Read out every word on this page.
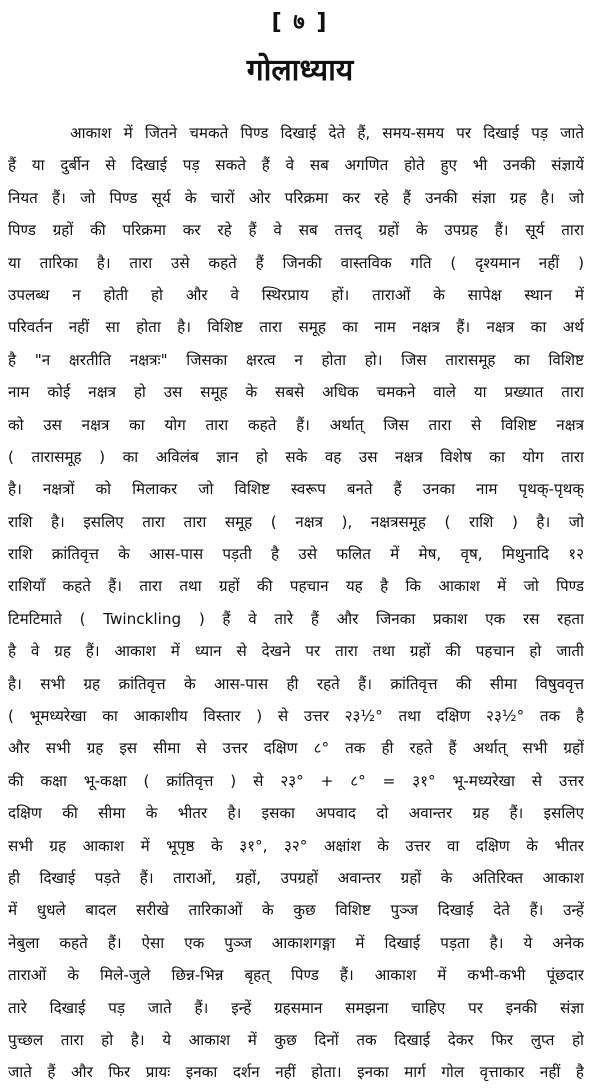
[ ७ ]
गोलाध्याय
आकाश में जितने चमकते पिण्ड दिखाई देते हैं, समय-समय पर दिखाई पड़ जाते
हैं या दुर्बीन से दिखाई पड़ सकते हैं वे सब अगणित होते हुए भी उनकी संज्ञायें
नियत हैं। जो पिण्ड सूर्य के चारों ओर परिक्रमा कर रहे हैं उनकी संज्ञा ग्रह है। जो
पिण्ड ग्रहों की परिक्रमा कर रहे हैं वे सब तत्तद् ग्रहों के उपग्रह हैं। सूर्य तारा
या तारिका है। तारा उसे कहते हैं जिनकी वास्तविक गति ( दृश्यमान नहीं )
उपलब्ध न होती हो और वे स्थिरप्राय हों। ताराओं के सापेक्ष स्थान में
परिवर्तन नहीं सा होता है। विशिष्ट तारा समूह का नाम नक्षत्र हैं। नक्षत्र का अर्थ
है "न क्षरतीति नक्षत्रः" जिसका क्षरत्व न होता हो। जिस तारासमूह का विशिष्ट
नाम कोई नक्षत्र हो उस समूह के सबसे अधिक चमकने वाले या प्रख्यात तारा
को उस नक्षत्र का योग तारा कहते हैं। अर्थात् जिस तारा से विशिष्ट नक्षत्र
( तारासमूह ) का अविलंब ज्ञान हो सके वह उस नक्षत्र विशेष का योग तारा
है। नक्षत्रों को मिलाकर जो विशिष्ट स्वरूप बनते हैं उनका नाम पृथक्-पृथक्
राशि है। इसलिए तारा तारा समूह ( नक्षत्र ), नक्षत्रसमूह ( राशि ) है। जो
राशि क्रांतिवृत्त के आस-पास पड़ती है उसे फलित में मेष, वृष, मिथुनादि १२
राशियाँ कहते हैं। तारा तथा ग्रहों की पहचान यह है कि आकाश में जो पिण्ड
टिमटिमाते ( Twinckling ) हैं वे तारे हैं और जिनका प्रकाश एक रस रहता
है वे ग्रह हैं। आकाश में ध्यान से देखने पर तारा तथा ग्रहों की पहचान हो जाती
है। सभी ग्रह क्रांतिवृत्त के आस-पास ही रहते हैं। क्रांतिवृत्त की सीमा विषुववृत्त
( भूमध्यरेखा का आकाशीय विस्तार ) से उत्तर २३½° तथा दक्षिण २३½° तक है
और सभी ग्रह इस सीमा से उत्तर दक्षिण ८° तक ही रहते हैं अर्थात् सभी ग्रहों
की कक्षा भू-कक्षा ( क्रांतिवृत्त ) से २३° + ८° = ३१° भू-मध्यरेखा से उत्तर
दक्षिण की सीमा के भीतर है। इसका अपवाद दो अवान्तर ग्रह हैं। इसलिए
सभी ग्रह आकाश में भूपृष्ठ के ३१°, ३२° अक्षांश के उत्तर वा दक्षिण के भीतर
ही दिखाई पड़ते हैं। ताराओं, ग्रहों, उपग्रहों अवान्तर ग्रहों के अतिरिक्त आकाश
में धुधले बादल सरीखे तारिकाओं के कुछ विशिष्ट पुञ्ज दिखाई देते हैं। उन्हें
नेबुला कहते हैं। ऐसा एक पुञ्ज आकाशगङ्गा में दिखाई पड़ता है। ये अनेक
ताराओं के मिले-जुले छिन्न-भिन्न बृहत् पिण्ड हैं। आकाश में कभी-कभी पूंछदार
तारे दिखाई पड़ जाते हैं। इन्हें ग्रहसमान समझना चाहिए पर इनकी संज्ञा
पुच्छल तारा हो है। ये आकाश में कुछ दिनों तक दिखाई देकर फिर लुप्त हो
जाते हैं और फिर प्रायः इनका दर्शन नहीं होता। इनका मार्ग गोल वृत्ताकार नहीं है
